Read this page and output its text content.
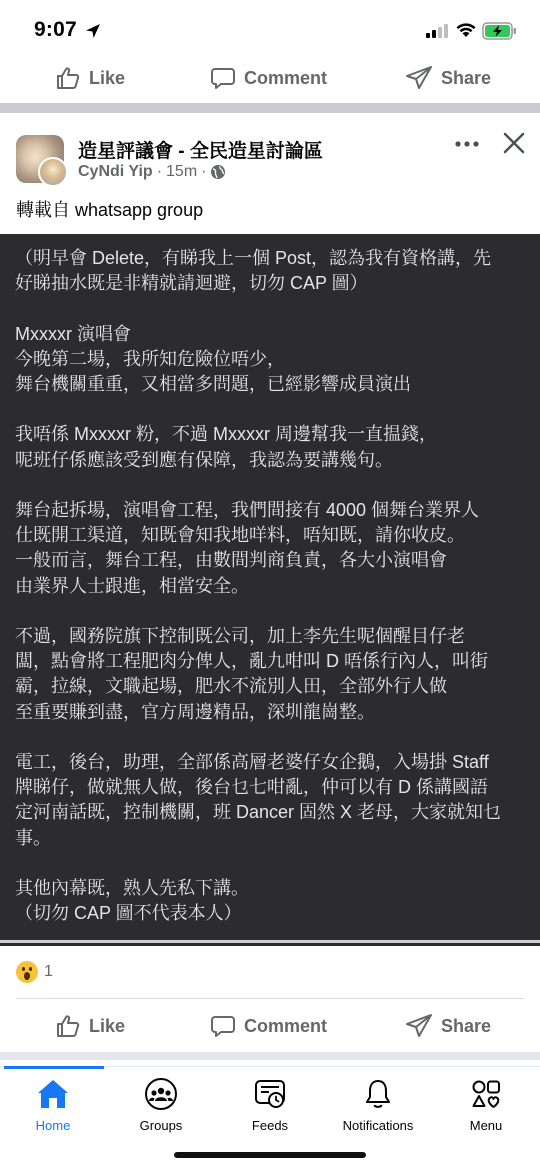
9:07
Like	Comment	Share
造星評議會 - 全民造星討論區
CyNdi Yip · 15m ·
轉載自 whatsapp group

（明早會 Delete，有睇我上一個 Post，認為我有資格講，先

好睇抽水既是非精就請迴避，切勿 CAP 圖）

Mxxxxr 演唱會

今晚第二場，我所知危險位唔少，

舞台機關重重，又相當多問題，已經影響成員演出

我唔係 Mxxxxr 粉，不過 Mxxxxr 周邊幫我一直揾錢，

呢班仔係應該受到應有保障，我認為要講幾句。

舞台起拆場，演唱會工程，我們間接有 4000 個舞台業界人

仕既開工渠道，知既會知我地咩料，唔知既，請你收皮。

一般而言，舞台工程，由數間判商負責，各大小演唱會

由業界人士跟進，相當安全。

不過，國務院旗下控制既公司，加上李先生呢個醒目仔老

闆，點會將工程肥肉分俾人，亂九咁叫 D 唔係行內人，叫街

霸，拉線，文職起場，肥水不流別人田，全部外行人做

至重要賺到盡，官方周邊精品，深圳龍崗整。

電工，後台，助理，全部係高層老婆仔女企鵝，入場掛 Staff

牌睇仔，做就無人做，後台乜七咁亂，仲可以有 D 係講國語

定河南話既，控制機關，班 Dancer 固然 X 老母，大家就知乜

事。

其他內幕既，熟人先私下講。

（切勿 CAP 圖不代表本人）

1
Like	Comment	Share
Home	Groups	Feeds	Notifications	Menu
